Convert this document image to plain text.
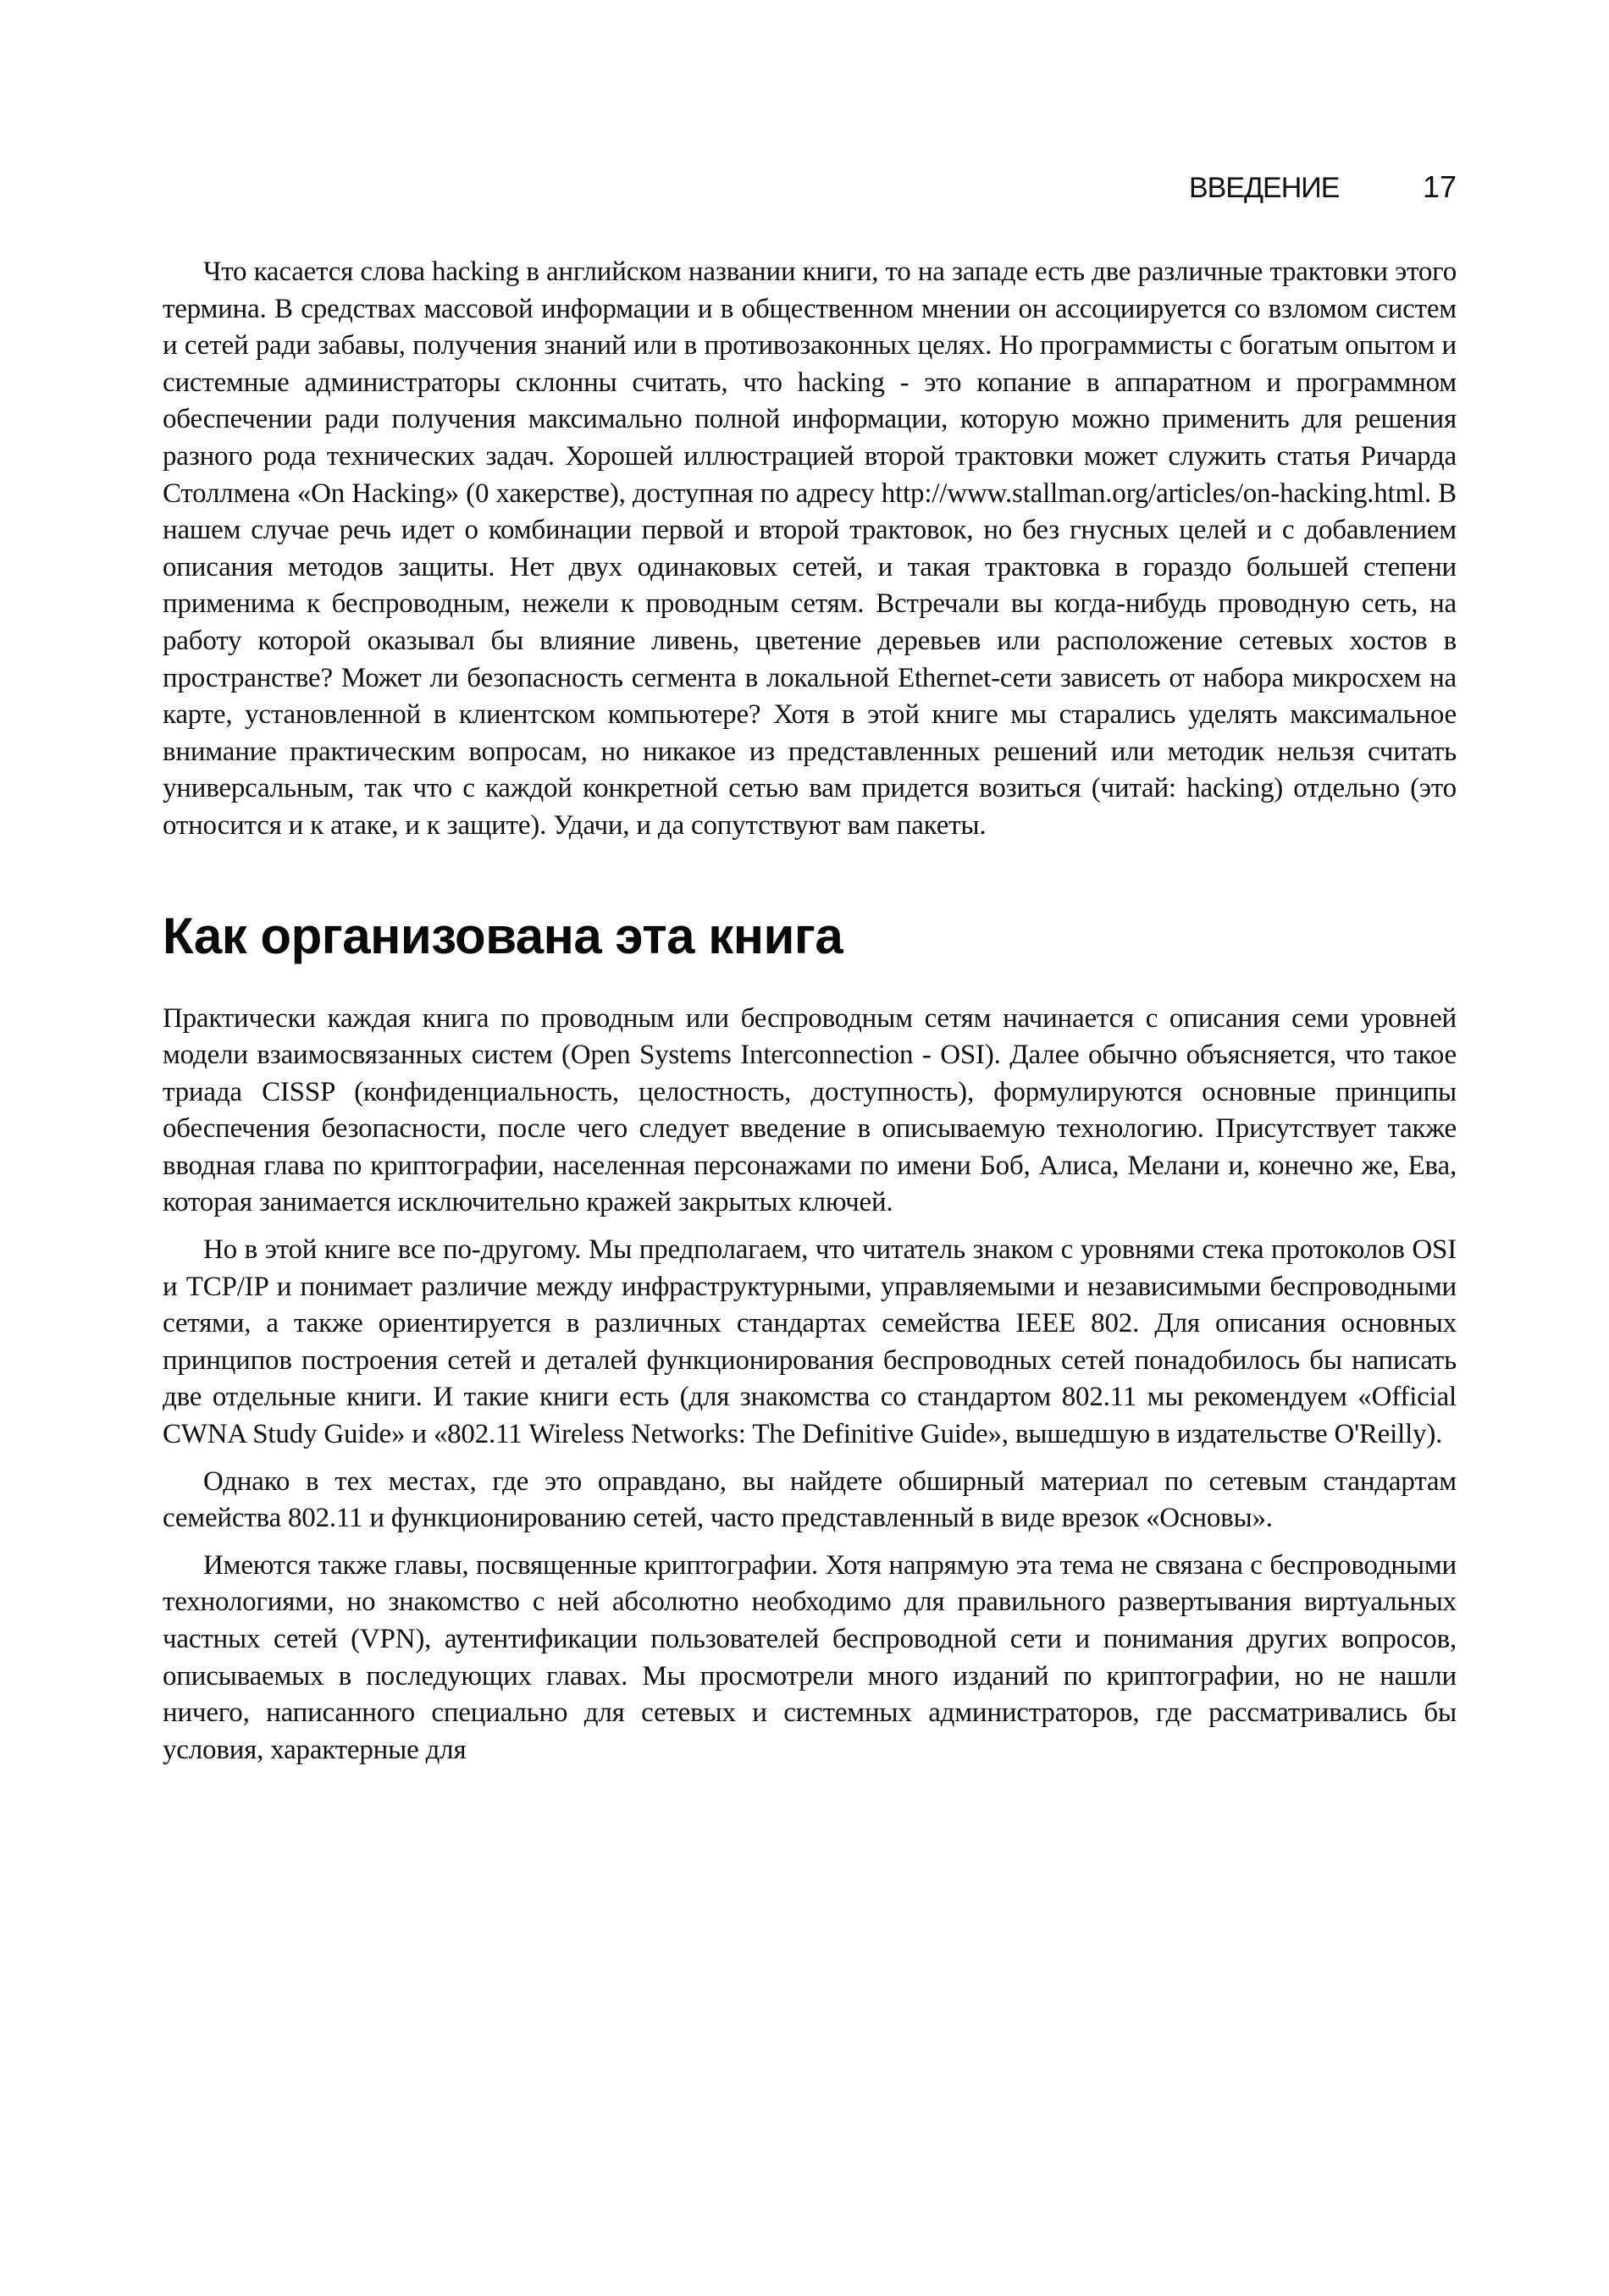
ВВЕДЕНИЕ	17

Что касается слова hacking в английском названии книги, то на западе есть две различные трактовки этого термина. В средствах массовой информации и в общественном мнении он ассоциируется со взломом систем и сетей ради забавы, получения знаний или в противозаконных целях. Но программисты с богатым опытом и системные администраторы склонны считать, что hacking - это копание в аппаратном и программном обеспечении ради получения максимально полной информации, которую можно применить для решения разного рода технических задач. Хорошей иллюстрацией второй трактовки может служить статья Ричарда Столлмена «On Hacking» (0 хакерстве), доступная по адресу http://www.stallman.org/articles/on-hacking.html. В нашем случае речь идет о комбинации первой и второй трактовок, но без гнусных целей и с добавлением описания методов защиты. Нет двух одинаковых сетей, и такая трактовка в гораздо большей степени применима к беспроводным, нежели к проводным сетям. Встречали вы когда-нибудь проводную сеть, на работу которой оказывал бы влияние ливень, цветение деревьев или расположение сетевых хостов в пространстве? Может ли безопасность сегмента в локальной Ethernet-сети зависеть от набора микросхем на карте, установленной в клиентском компьютере? Хотя в этой книге мы старались уделять максимальное внимание практическим вопросам, но никакое из представленных решений или методик нельзя считать универсальным, так что с каждой конкретной сетью вам придется возиться (читай: hacking) отдельно (это относится и к атаке, и к защите). Удачи, и да сопутствуют вам пакеты.

Как организована эта книга

Практически каждая книга по проводным или беспроводным сетям начинается с описания семи уровней модели взаимосвязанных систем (Open Systems Interconnection - OSI). Далее обычно объясняется, что такое триада CISSP (конфиденциальность, целостность, доступность), формулируются основные принципы обеспечения безопасности, после чего следует введение в описываемую технологию. Присутствует также вводная глава по криптографии, населенная персонажами по имени Боб, Алиса, Мелани и, конечно же, Ева, которая занимается исключительно кражей закрытых ключей.

Но в этой книге все по-другому. Мы предполагаем, что читатель знаком с уровнями стека протоколов OSI и TCP/IP и понимает различие между инфраструктурными, управляемыми и независимыми беспроводными сетями, а также ориентируется в различных стандартах семейства IEEE 802. Для описания основных принципов построения сетей и деталей функционирования беспроводных сетей понадобилось бы написать две отдельные книги. И такие книги есть (для знакомства со стандартом 802.11 мы рекомендуем «Official CWNA Study Guide» и «802.11 Wireless Networks: The Definitive Guide», вышедшую в издательстве O'Reilly).

Однако в тех местах, где это оправдано, вы найдете обширный материал по сетевым стандартам семейства 802.11 и функционированию сетей, часто представленный в виде врезок «Основы».

Имеются также главы, посвященные криптографии. Хотя напрямую эта тема не связана с беспроводными технологиями, но знакомство с ней абсолютно необходимо для правильного развертывания виртуальных частных сетей (VPN), аутентификации пользователей беспроводной сети и понимания других вопросов, описываемых в последующих главах. Мы просмотрели много изданий по криптографии, но не нашли ничего, написанного специально для сетевых и системных администраторов, где рассматривались бы условия, характерные для
